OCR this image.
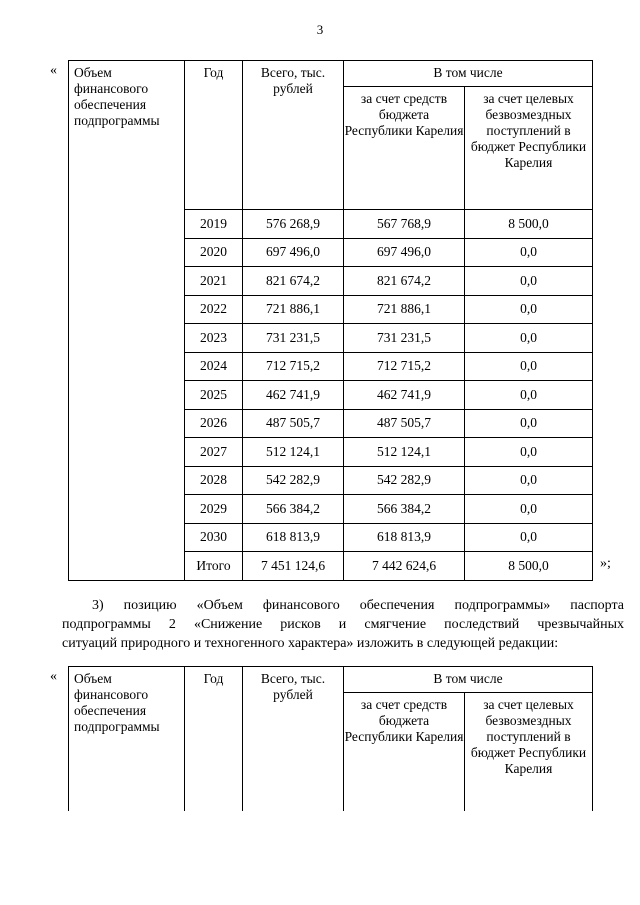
3
« Объем финансового обеспечения подпрограммы	Год	Всего, тыс. рублей	В том числе	
			за счет средств бюджета Республики Карелия	за счет целевых безвозмездных поступлений в бюджет Республики Карелия
	2019	576 268,9	567 768,9	8 500,0
	2020	697 496,0	697 496,0	0,0
	2021	821 674,2	821 674,2	0,0
	2022	721 886,1	721 886,1	0,0
	2023	731 231,5	731 231,5	0,0
	2024	712 715,2	712 715,2	0,0
	2025	462 741,9	462 741,9	0,0
	2026	487 505,7	487 505,7	0,0
	2027	512 124,1	512 124,1	0,0
	2028	542 282,9	542 282,9	0,0
	2029	566 384,2	566 384,2	0,0
	2030	618 813,9	618 813,9	0,0
	Итого	7 451 124,6	7 442 624,6	8 500,0	»;
3) позицию «Объем финансового обеспечения подпрограммы» паспорта
подпрограммы 2 «Снижение рисков и смягчение последствий чрезвычайных
ситуаций природного и техногенного характера» изложить в следующей редакции:
« Объем финансового обеспечения подпрограммы	Год	Всего, тыс. рублей	В том числе	
			за счет средств бюджета Республики Карелия	за счет целевых безвозмездных поступлений в бюджет Республики Карелия
